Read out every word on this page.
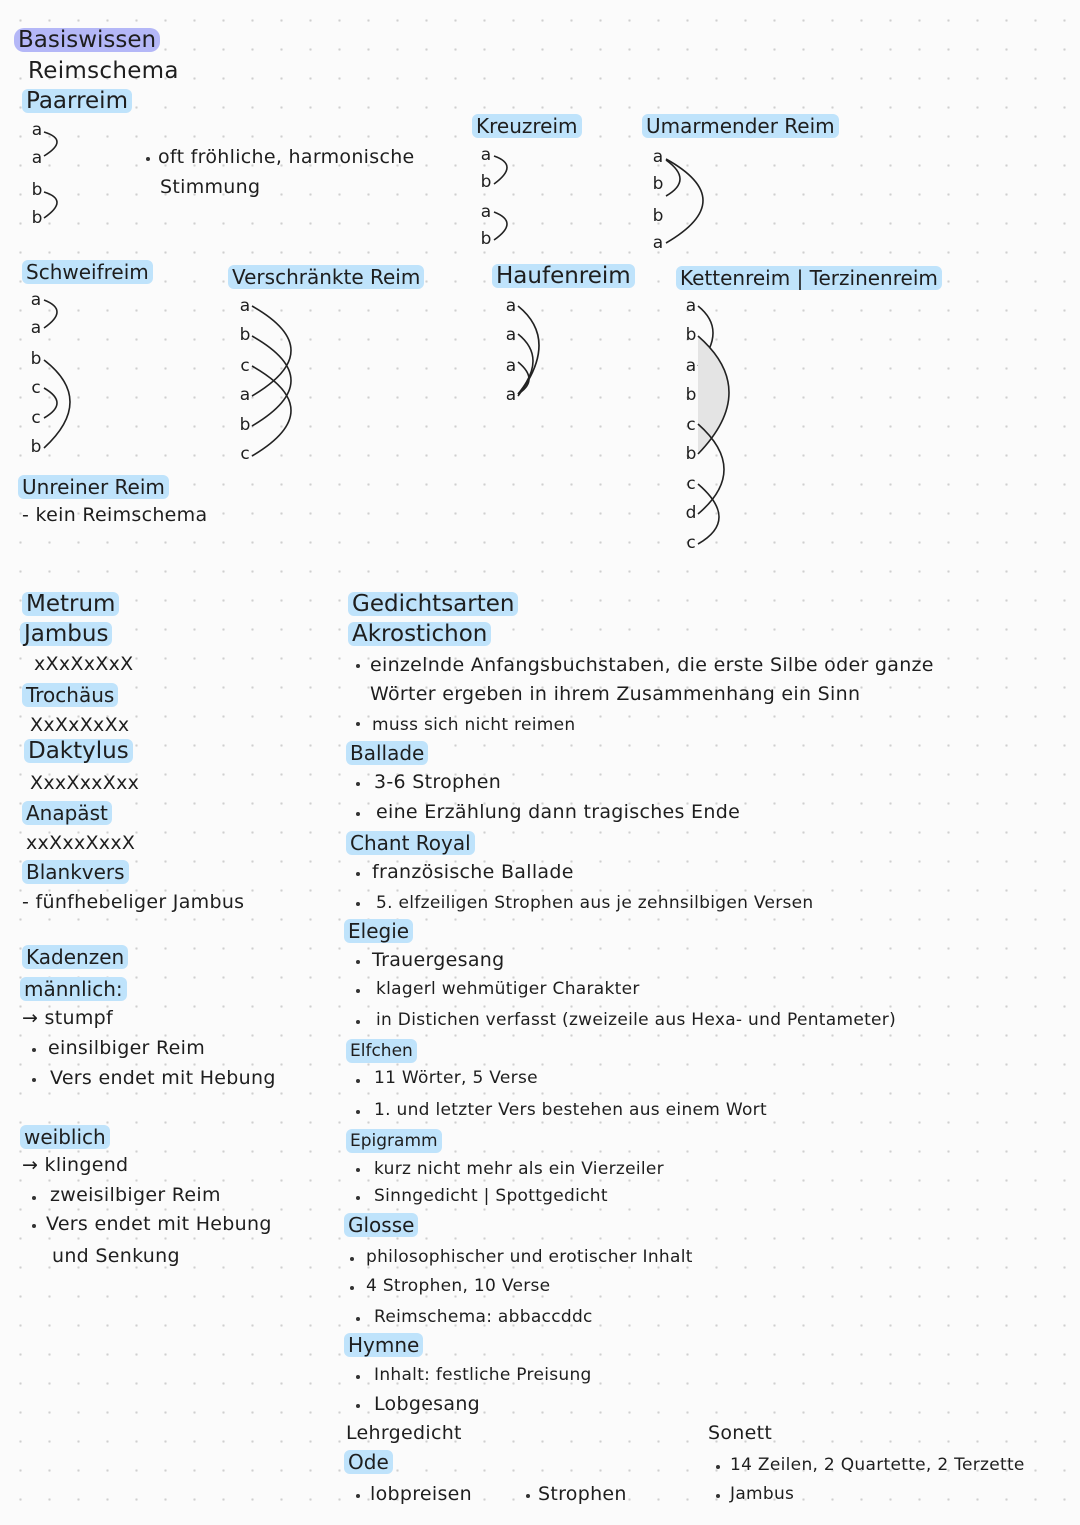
Basiswissen
Reimschema
Paarreim
a
a
b
b
oft fröhliche, harmonische
Stimmung
Kreuzreim
a
b
a
b
Umarmender Reim
a
b
b
a
Schweifreim
a
a
b
c
c
b
Verschränkte Reim
a
b
c
a
b
c
Haufenreim
a
a
a
a
Kettenreim | Terzinenreim
a
b
a
b
c
b
c
d
c
Unreiner Reim
- kein Reimschema
Metrum
Jambus
xXxXxXxX
Trochäus
XxXxXxXx
Daktylus
XxxXxxXxx
Anapäst
xxXxxXxxX
Blankvers
- fünfhebeliger Jambus
Kadenzen
männlich:
→ stumpf
einsilbiger Reim
Vers endet mit Hebung
weiblich
→ klingend
zweisilbiger Reim
Vers endet mit Hebung
und Senkung
Gedichtsarten
Akrostichon
einzelnde Anfangsbuchstaben, die erste Silbe oder ganze
Wörter ergeben in ihrem Zusammenhang ein Sinn
muss sich nicht reimen
Ballade
3-6 Strophen
eine Erzählung dann tragisches Ende
Chant Royal
französische Ballade
5. elfzeiligen Strophen aus je zehnsilbigen Versen
Elegie
Trauergesang
klagerl wehmütiger Charakter
in Distichen verfasst (zweizeile aus Hexa- und Pentameter)
Elfchen
11 Wörter, 5 Verse
1. und letzter Vers bestehen aus einem Wort
Epigramm
kurz nicht mehr als ein Vierzeiler
Sinngedicht | Spottgedicht
Glosse
philosophischer und erotischer Inhalt
4 Strophen, 10 Verse
Reimschema: abbaccddc
Hymne
Inhalt: festliche Preisung
Lobgesang
Lehrgedicht
Ode
lobpreisen	Strophen
Sonett
14 Zeilen, 2 Quartette, 2 Terzette
Jambus
